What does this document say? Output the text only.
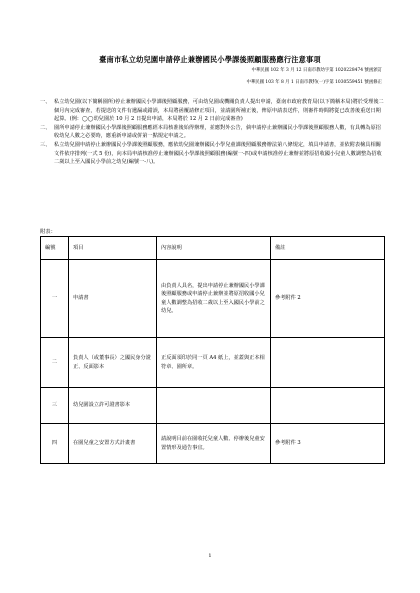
臺南市私立幼兒園申請停止兼辦國民小學課後照顧服務應行注意事項
中華民國 102 年 3 月 12 日南市教幼字第 1020228474 號函頒訂
中華民國 103 年 8 月 1 日南市教特(一)字第 1030559451 號函修正
一、 私立幼兒園(以下簡稱園所)停止兼辦國民小學課後照顧服務，可由幼兒園或機關負責人提出申請，臺南市政府教育局(以下簡稱本局)將於受理後二個月內完成審查，若提送的文件有遺漏或錯誤，本局將函覆請修正項目，並請園所補正後，俾原申請表送件，則審件時間將從已改善後重送日期起算。(例：◯◯幼兒園於 10 月 2 日提出申請，本局將於 12 月 2 日前完成審查)
二、 園所申請停止兼辦國民小學課後照顧服務應經本局核准後始得辦理，並應對外公告，倘申請停止兼辦國民小學課後照顧服務人數，有具轉為原招收幼兒人數之必要時，應重新申請或併第一點規定申請之。
三、 私立幼兒園申請停止兼辦國民小學課後照顧服務，應依幼兒園兼辦國民小學兒童課後照顧服務辦法第八條規定，填具申請書，並依附表檢具相關文件依序排列(一式 5 份)，向本局申請核准停止兼辦國民小學課後照顧服務(編號一-四)或申請核准停止兼辦並將原招收國小兒童人數調整為招收二歲以上至入國民小學前之幼兒(編號一-八)。
附表：
編號	項目	內容說明	備註
一	申請書	由負責人具名，提出申請停止兼辦國民小學課後照顧服務或申請停止兼辦並將原招收國小兒童人數調整為招收二歲以上至入國民小學前之幼兒。	參考附件 2
二	負責人（或董事長）之國民身分證正、反面影本	正反面須印於同一頁 A4 紙上，並蓋與正本相符章、園所章。	
三	幼兒園設立許可證書影本		
四	在園兒童之安置方式計畫書	請說明目前在園收托兒童人數、停辦後兒童安置情形及通告事宜。	參考附件 3
1
